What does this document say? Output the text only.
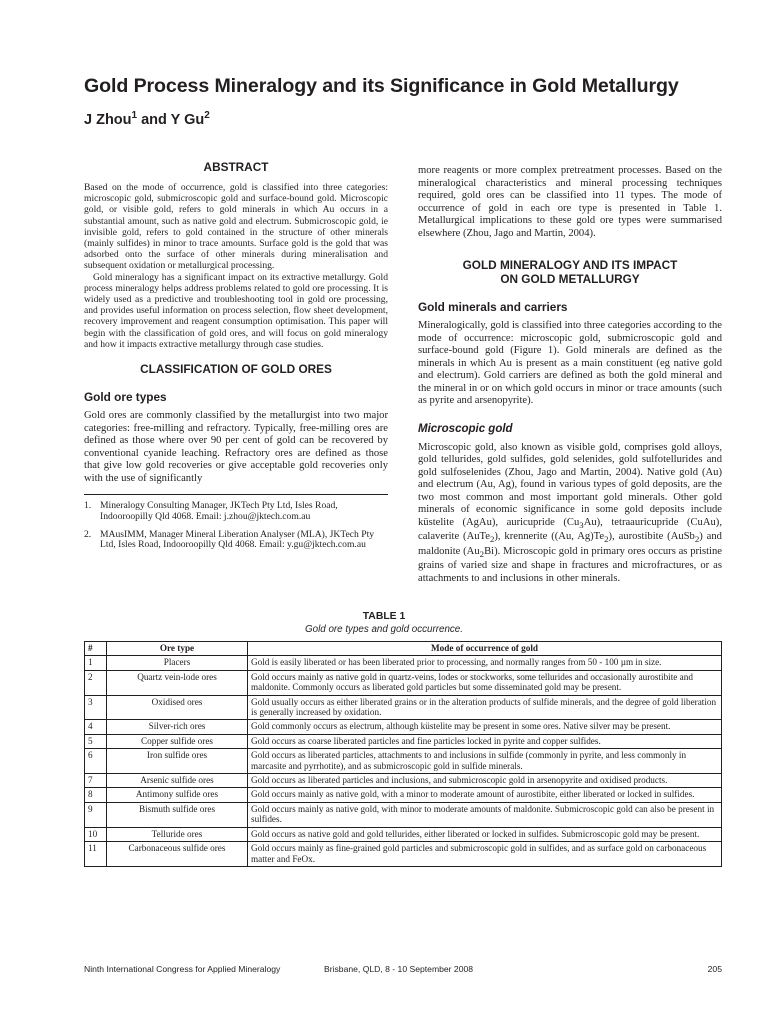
Gold Process Mineralogy and its Significance in Gold Metallurgy

J Zhou$^1$ and Y Gu$^2$

ABSTRACT

Based on the mode of occurrence, gold is classified into three categories: microscopic gold, submicroscopic gold and surface-bound gold. Microscopic gold, or visible gold, refers to gold minerals in which Au occurs in a substantial amount, such as native gold and electrum. Submicroscopic gold, ie invisible gold, refers to gold contained in the structure of other minerals (mainly sulfides) in minor to trace amounts. Surface gold is the gold that was adsorbed onto the surface of other minerals during mineralisation and subsequent oxidation or metallurgical processing.

Gold mineralogy has a significant impact on its extractive metallurgy. Gold process mineralogy helps address problems related to gold ore processing. It is widely used as a predictive and troubleshooting tool in gold ore processing, and provides useful information on process selection, flow sheet development, recovery improvement and reagent consumption optimisation. This paper will begin with the classification of gold ores, and will focus on gold mineralogy and how it impacts extractive metallurgy through case studies.

CLASSIFICATION OF GOLD ORES
Gold ore types

Gold ores are commonly classified by the metallurgist into two major categories: free-milling and refractory. Typically, free-milling ores are defined as those where over 90 per cent of gold can be recovered by conventional cyanide leaching. Refractory ores are defined as those that give low gold recoveries or give acceptable gold recoveries only with the use of significantly

1. Mineralogy Consulting Manager, JKTech Pty Ltd, Isles Road, Indooroopilly Qld 4068. Email: j.zhou@jktech.com.au
2. MAusIMM, Manager Mineral Liberation Analyser (MLA), JKTech Pty Ltd, Isles Road, Indooroopilly Qld 4068. Email: y.gu@jktech.com.au

more reagents or more complex pretreatment processes. Based on the mineralogical characteristics and mineral processing techniques required, gold ores can be classified into 11 types. The mode of occurrence of gold in each ore type is presented in Table 1. Metallurgical implications to these gold ore types were summarised elsewhere (Zhou, Jago and Martin, 2004).

GOLD MINERALOGY AND ITS IMPACT
ON GOLD METALLURGY
Gold minerals and carriers

Mineralogically, gold is classified into three categories according to the mode of occurrence: microscopic gold, submicroscopic gold and surface-bound gold (Figure 1). Gold minerals are defined as the minerals in which Au is present as a main constituent (eg native gold and electrum). Gold carriers are defined as both the gold mineral and the mineral in or on which gold occurs in minor or trace amounts (such as pyrite and arsenopyrite).

Microscopic gold

Microscopic gold, also known as visible gold, comprises gold alloys, gold tellurides, gold sulfides, gold selenides, gold sulfotellurides and gold sulfoselenides (Zhou, Jago and Martin, 2004). Native gold (Au) and electrum (Au, Ag), found in various types of gold deposits, are the two most common and most important gold minerals. Other gold minerals of economic significance in some gold deposits include küstelite (AgAu), auricupride $(Cu_3Au)$, tetraauricupride (CuAu), calaverite (AuTe$_2$), krennerite ((Au, $Ag)Te_2$), aurostibite (AuSb$_2$) and maldonite $(Au_2Bi)$. Microscopic gold in primary ores occurs as pristine grains of varied size and shape in fractures and microfractures, or as attachments to and inclusions in other minerals.

TABLE 1

Gold ore types and gold occurrence.

#	Ore type	Mode of occurrence of gold
1	Placers	Gold is easily liberated or has been liberated prior to processing, and normally ranges from 50 - 100 µm in size.
2	Quartz vein-lode ores	Gold occurs mainly as native gold in quartz-veins, lodes or stockworks, some tellurides and occasionally aurostibite and maldonite. Commonly occurs as liberated gold particles but some disseminated gold may be present.
3	Oxidised ores	Gold usually occurs as either liberated grains or in the alteration products of sulfide minerals, and the degree of gold liberation is generally increased by oxidation.
4	Silver-rich ores	Gold commonly occurs as electrum, although küstelite may be present in some ores. Native silver may be present.
5	Copper sulfide ores	Gold occurs as coarse liberated particles and fine particles locked in pyrite and copper sulfides.
6	Iron sulfide ores	Gold occurs as liberated particles, attachments to and inclusions in sulfide (commonly in pyrite, and less commonly in marcasite and pyrrhotite), and as submicroscopic gold in sulfide minerals.
7	Arsenic sulfide ores	Gold occurs as liberated particles and inclusions, and submicroscopic gold in arsenopyrite and oxidised products.
8	Antimony sulfide ores	Gold occurs mainly as native gold, with a minor to moderate amount of aurostibite, either liberated or locked in sulfides.
9	Bismuth sulfide ores	Gold occurs mainly as native gold, with minor to moderate amounts of maldonite. Submicroscopic gold can also be present in sulfides.
10	Telluride ores	Gold occurs as native gold and gold tellurides, either liberated or locked in sulfides. Submicroscopic gold may be present.
11	Carbonaceous sulfide ores	Gold occurs mainly as fine-grained gold particles and submicroscopic gold in sulfides, and as surface gold on carbonaceous matter and FeOx.
Ninth International Congress for Applied Mineralogy	Brisbane, QLD, 8 - 10 September 2008	205
